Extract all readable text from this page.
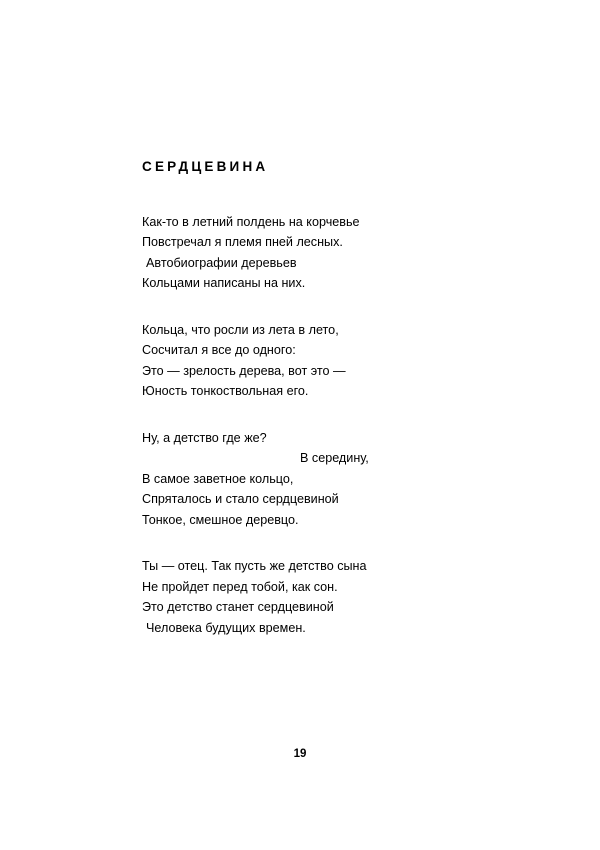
СЕРДЦЕВИНА

Как-то в летний полдень на корчевье

Повстречал я племя пней лесных.

Автобиографии деревьев

Кольцами написаны на них.

Кольца, что росли из лета в лето,

Сосчитал я все до одного:

Это — зрелость дерева, вот это —

Юность тонкоствольная его.

Ну, а детство где же?

В середину,

В самое заветное кольцо,

Спряталось и стало сердцевиной

Тонкое, смешное деревцо.

Ты — отец. Так пусть же детство сына

Не пройдет перед тобой, как сон.

Это детство станет сердцевиной

Человека будущих времен.

19
